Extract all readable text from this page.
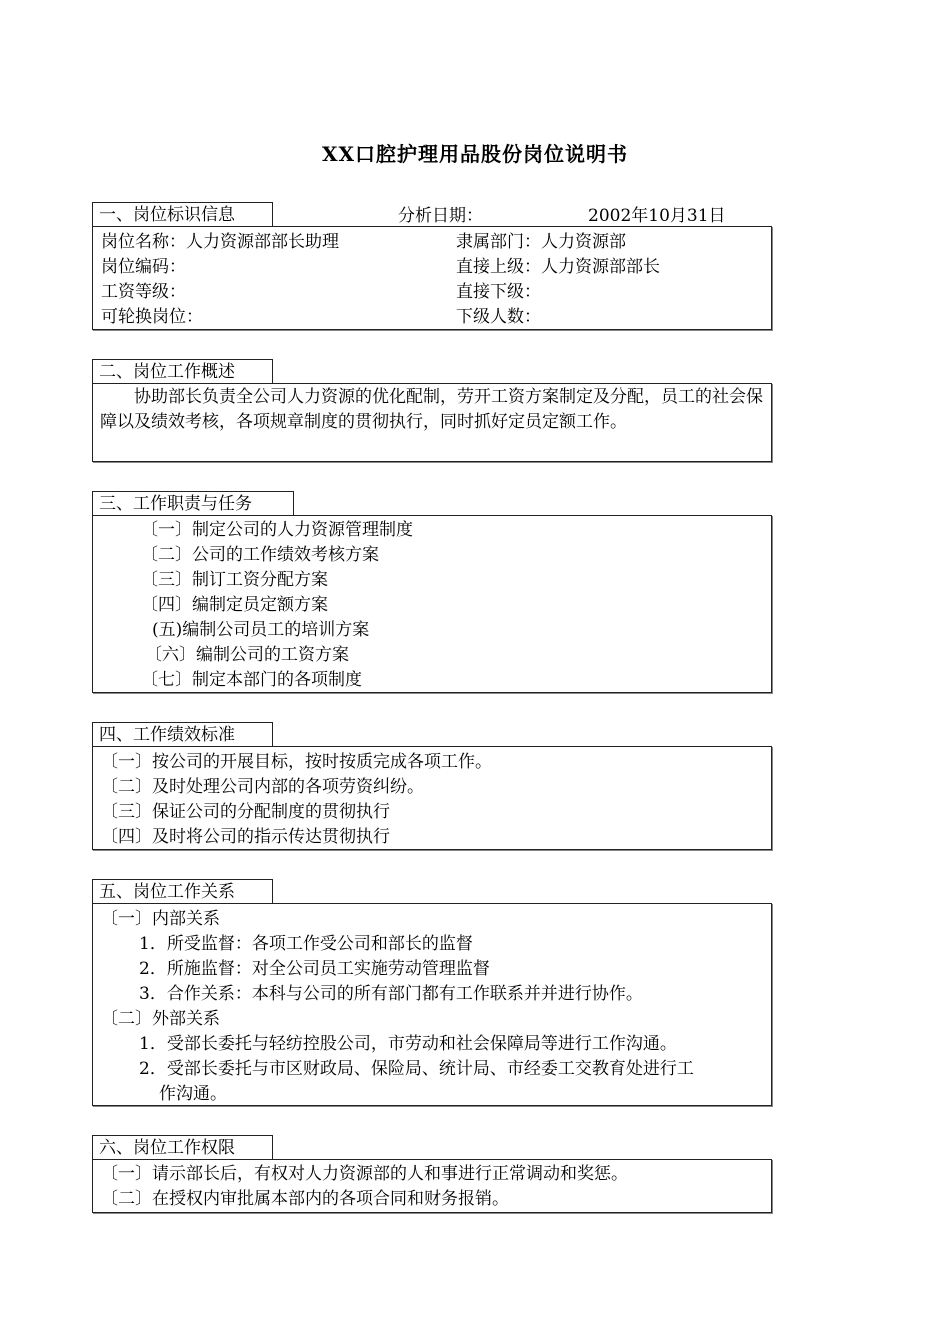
XX口腔护理用品股份岗位说明书
一、岗位标识信息	分析日期：	2002年10月31日
岗位名称：人力资源部部长助理	隶属部门：人力资源部
岗位编码：	直接上级：人力资源部部长
工资等级：	直接下级：
可轮换岗位：	下级人数：
二、岗位工作概述
协助部长负责全公司人力资源的优化配制，劳开工资方案制定及分配，员工的社会保障以及绩效考核，各项规章制度的贯彻执行，同时抓好定员定额工作。
三、工作职责与任务
〔一〕制定公司的人力资源管理制度
〔二〕公司的工作绩效考核方案
〔三〕制订工资分配方案
〔四〕编制定员定额方案
(五)编制公司员工的培训方案
〔六〕编制公司的工资方案
〔七〕制定本部门的各项制度
四、工作绩效标准
〔一〕按公司的开展目标，按时按质完成各项工作。
〔二〕及时处理公司内部的各项劳资纠纷。
〔三〕保证公司的分配制度的贯彻执行
〔四〕及时将公司的指示传达贯彻执行
五、岗位工作关系
〔一〕内部关系
1．所受监督：各项工作受公司和部长的监督
2．所施监督：对全公司员工实施劳动管理监督
3．合作关系：本科与公司的所有部门都有工作联系并并进行协作。
〔二〕外部关系
1．受部长委托与轻纺控股公司，市劳动和社会保障局等进行工作沟通。
2．受部长委托与市区财政局、保险局、统计局、市经委工交教育处进行工
作沟通。
六、岗位工作权限
〔一〕请示部长后，有权对人力资源部的人和事进行正常调动和奖惩。
〔二〕在授权内审批属本部内的各项合同和财务报销。
